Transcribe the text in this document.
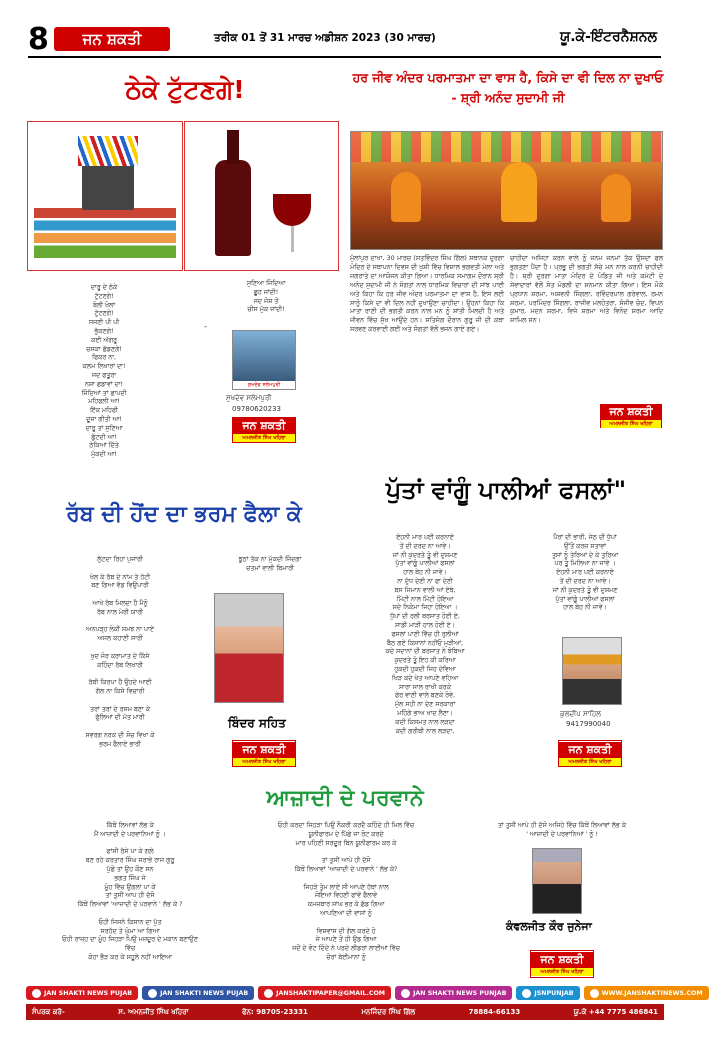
8	ਜਨ ਸ਼ਕਤੀ	ਤਰੀਕ 01 ਤੋਂ 31 ਮਾਰਚ ਅਡੀਸ਼ਨ 2023 (30 ਮਾਰਚ)	ਯੂ.ਕੇ-ਇੰਟਰਨੈਸ਼ਨਲ
ਠੇਕੇ ਟੁੱਟਣਗੇ!
ਦਾਰੂ ਦੇ ਠੇਕੇ
ਟੁੱਟਣਗੇ!
ਬੋਲੀ ਖੋਲਾਂ
ਟੁੱਟਣਗੇ!
ਸਜਣੀ ਪੀ ਪੀ
ਭੁੱਕਣਗੇ!
ਕਈ ਅੱਗਰੂ
ਚਸਕਾ ਛੱਡਣਗੇ!
ਫਿਕਰ ਨਾ,
ਕਲਮ ਲਿਖਾਰਾਂ ਦਾ!
ਜਦ ਫਤੂਰਾ
ਨਸ਼ਾ ਛਡਾਵਾਂ ਦਾ!
ਜਿੰਦਿਆਂ ਤਾਂ ਛਾਪਦੀ
ਮਹਿਫਲੀ ਆ!
ਇੱਕ ਮਹਿਫੀ
ਦੂਜਾ ਗੀਤੀ ਆ!
ਦਾਰੂ ਤਾਂ ਸੁਣਿਆ
ਛੁੱਟਦੀ ਆ!
ਠੇਕਿਆਂ ਦਿੱਤੇ
ਮੁੱਕਦੀ ਆ!
ਸੁਣਿਆ ਜਿੰਦਿਆ
ਛੂਹ ਜਾਂਦੀ!
ਜਦ ਜੋਸ਼ ਤੋਂ
ਚੀਸ ਮੁੱਕ ਜਾਂਦੀ!
-
ਸੁਖਦੇਵ ਸਲੇਮਪੁਰੀ
ਸੁਖਦੇਵ ਸਲੇਮਪੁਰੀ
09780620233
ਜਨ ਸ਼ਕਤੀ
ਅਮਨਜੀਤ ਸਿੰਘ ਖਹਿਰਾ
ਹਰ ਜੀਵ ਅੰਦਰ ਪਰਮਾਤਮਾ ਦਾ ਵਾਸ ਹੈ, ਕਿਸੇ ਦਾ ਵੀ ਦਿਲ ਨਾ ਦੁਖਾਓ - ਸ਼੍ਰੀ ਅਨੰਦ ਸੁਦਾਮੀ ਜੀ
ਮੁੱਲਾਂਪੁਰ ਦਾਖਾ, 30 ਮਾਰਚ (ਸਤਵਿੰਦਰ ਸਿੰਘ ਗਿੱਲ) ਸਥਾਨਕ ਦੁਰਗਾ ਮੰਦਿਰ ਦੇ ਸਥਾਪਨਾ ਦਿਵਸ ਦੀ ਖੁਸ਼ੀ ਵਿੱਚ ਵਿਸ਼ਾਲ ਭਗਵਤੀ ਮੇਲਾ ਅਤੇ ਜਗਰਾਤੇ ਦਾ ਆਯੋਜਨ ਕੀਤਾ ਗਿਆ। ਧਾਰਮਿਕ ਸਮਾਗਮ ਦੌਰਾਨ ਸ਼੍ਰੀ ਅਨੰਦ ਸੁਦਾਮੀ ਜੀ ਨੇ ਸੰਗਤਾਂ ਨਾਲ ਧਾਰਮਿਕ ਵਿਚਾਰਾਂ ਦੀ ਸਾਂਝ ਪਾਈ ਅਤੇ ਕਿਹਾ ਕਿ ਹਰ ਜੀਵ ਅੰਦਰ ਪਰਮਾਤਮਾ ਦਾ ਵਾਸ ਹੈ, ਇਸ ਲਈ ਸਾਨੂੰ ਕਿਸੇ ਦਾ ਵੀ ਦਿਲ ਨਹੀਂ ਦੁਖਾਉਣਾ ਚਾਹੀਦਾ। ਉਹਨਾਂ ਕਿਹਾ ਕਿ ਮਾਤਾ ਰਾਣੀ ਦੀ ਭਗਤੀ ਕਰਨ ਨਾਲ ਮਨ ਨੂੰ ਸ਼ਾਂਤੀ ਮਿਲਦੀ ਹੈ ਅਤੇ ਜੀਵਨ ਵਿੱਚ ਸੁੱਖ ਆਉਂਦੇ ਹਨ। ਸਤਿਸੰਗ ਦੌਰਾਨ ਗੁਰੂ ਜੀ ਦੀ ਕਥਾ ਸਰਵਣ ਕਰਵਾਈ ਗਈ ਅਤੇ ਸੰਗਤਾਂ ਵੱਲੋਂ ਭਜਨ ਗਾਏ ਗਏ।
ਚਾਹੀਦਾ ਅਜਿਹਾ ਕਰਨ ਵਾਲੇ ਨੂੰ ਜਨਮ ਜਨਮਾਂ ਤੱਕ ਉਸਦਾ ਫਲ ਭੁਗਤਣਾ ਪੈਂਦਾ ਹੈ। ਪ੍ਰਭੂ ਦੀ ਭਗਤੀ ਸੱਚੇ ਮਨ ਨਾਲ ਕਰਨੀ ਚਾਹੀਦੀ ਹੈ। ਸ਼੍ਰੀ ਦੁਰਗਾ ਮਾਤਾ ਮੰਦਿਰ ਦੇ ਪੰਡਿਤ ਜੀ ਅਤੇ ਕਮੇਟੀ ਦੇ ਸੇਵਾਦਾਰਾਂ ਵੱਲੋਂ ਸੰਤ ਮੰਡਲੀ ਦਾ ਸਨਮਾਨ ਕੀਤਾ ਗਿਆ। ਇਸ ਮੌਕੇ ਪ੍ਰਧਾਨ ਸ਼ਰਮਾ, ਅਸ਼ਵਨੀ ਸਿੰਗਲਾ, ਰਵਿੰਦਰਪਾਲ ਗਰੇਵਾਲ, ਰਮਨ ਸ਼ਰਮਾ, ਪਰਮਿੰਦਰ ਸਿੰਗਲਾ, ਰਾਜੀਵ ਮਲਹੋਤਰਾ, ਸੰਜੀਵ ਚੰਦ, ਵਿਪਨ ਕੁਮਾਰ, ਮਦਨ ਸ਼ਰਮਾ, ਵਿਜੇ ਸ਼ਰਮਾ ਅਤੇ ਵਿਨੋਦ ਸ਼ਰਮਾ ਆਦਿ ਸ਼ਾਮਿਲ ਸਨ।
ਜਨ ਸ਼ਕਤੀ
ਅਮਨਜੀਤ ਸਿੰਘ ਖਹਿਰਾ
ਪੁੱਤਾਂ ਵਾਂਗੂੰ ਪਾਲੀਆਂ ਫਸਲਾਂ"
ਰੱਬ ਦੀ ਹੋਂਦ ਦਾ ਭਰਮ ਫੈਲਾ ਕੇ
ਲੁੱਟਦਾ ਰਿਹਾ ਪੁਜਾਰੀ

ਖੇਲ ਕੇ ਰੱਬ ਦੇ ਨਾਂਮ ਤੇ ਹੱਟੀ
ਬਣ ਗਿਆ ਵੱਡ ਵਿਉਪਾਰੀ

ਆਖੇ ਰੱਬ ਮਿਲਦਾ ਹੈ ਮੈਨੂੰ
ਰੱਬ ਨਾਲ ਮੇਰੀ ਯਾਰੀ

ਅਨਪੜ੍ਹ ਲੋਕੀਂ ਸਮਝ ਨਾ ਪਾਏ
ਅਸਲ ਕਹਾਣੀ ਸਾਰੀ

ਖੁਦ ਜੋਰ ਕਰਾਮਾਤ ਦੇ ਕਿੱਸੇ
ਕਹਿੰਦਾ ਰੱਬ ਲਿਖਾਰੀ

ਰੱਬੀ ਕਿਰਪਾ ਹੈ ਉਹਦੇ ਆਈ
ਗੱਲ ਨਾ ਕਿਸੇ ਵਿਚਾਰੀ

ਤਰਾਂ ਤਰਾਂ ਦੇ ਰਸਮ ਬਣਾ ਕੇ
ਫੁੱਲਿਆਂ ਦੀ ਮੱਤ ਮਾਰੀ

ਸਵਰਗ ਨਰਕ ਦੀ ਸੋਚ ਵਿਖਾ ਕੇ
ਭਰਮ ਫੈਲਾਏ ਭਾਰੀ
ਝੂਠਾਂ ਤੱਕ ਨਾ ਮੁੱਕਦੀ ਜਿੰਦਗਾ
ਚਤਮਾਂ ਵਾਲੀ ਬਿਮਾਰੀ
ਬਿੰਦਰ ਸਹਿਤ
ਜਨ ਸ਼ਕਤੀ
ਅਮਨਜੀਤ ਸਿੰਘ ਖਹਿਰਾ
ਏਹਨੀ ਮਾਰ ਪਈ ਕਰਨਾਏ
ਤੇਂ ਦੀ ਦਰਦ ਨਾ ਆਵੇ।
ਜਾਂ ਨੀ ਕੁਦਰਤੇ ਤੂੰ ਵੀ ਦੁਸ਼ਮਣ
ਪੁੱਤਾਂ ਵਾਂਗੂੰ ਪਾਲੀਆਂ ਫਸਲਾਂ
ਹਾਲ ਬੇਹ ਨੀ ਜਾਵੇ।
ਨਾ ਦੁੱਧ ਦੇਣੀ ਨਾ ਫਾ ਦੇਣੀ
ਬਸ ਜਿਮਾਨ ਵਾਲੀ ਆਂ ਏਥੇ,
ਮਿੱਟੀ ਨਾਲ ਮਿੱਟੀ ਹੋਇਆ
ਸਦੇ ਨਿਕੰਮਾ ਜਿਹਾ ਹੋਇਆ ।
ਧੁੱਪਾਂ ਦੀ ਰਲੀ ਬਰਸਾਤ ਹੋਈ ਏ,
ਸਾਡੀ ਮਾੜੀ ਹਾਲ ਹੋਈ ਏ।
ਫਸਲਾਂ ਪਾਣੀ ਵਿੱਚ ਹੀ ਰੁਲੀਆਂ
ਬੈਠ ਗਏ ਕਿਸਾਨਾਂ ਨਹੀਂਓ ਮੁੜੀਆਂ,
ਕਦੇ ਸਦਾਨਾਂ ਦੀ ਬਰਸਾਤ ਨੇ ਝੰਬਿਆ
ਕੁਦਰਤੇ ਤੂੰ ਇਹ ਕੀ ਕਰਿਆ
ਹੁਕਦੀ ਹੁਕਦੀ ਜਿਹ ਦੇਵਿਆ
ਖਿੜ ਕਦੇ ਖੇਤ ਆਪਣੇ ਵਹਿਆ
ਸਾਰਾ ਸਾਲ ਰਾਖੀ ਕਰਕੇ
ਫੇਰ ਵਾਣੀ ਵਾਲੇ ਬਣਕੇ ਰੋਵੇ,
ਮੁੱਲ ਸਹੀ ਨਾ ਦੇਣ ਸਰਕਾਰਾਂ
ਮਹਿੰਗੇ ਭਾਅ ਖਾਦ ਲੈਣਾ।
ਕਦੀ ਕਿਸਮਤ ਨਾਲ ਲੜਦਾ
ਕਦੀ ਗਰੀਬੀ ਨਾਲ ਲੜਦਾ,
ਪੈਰਾਂ ਦੀ ਭਾਰੀ, ਜੇਠ ਦੀ ਧੁੱਪਾਂ
ਉੱਤੋਂ ਕਰਜ਼ ਸਤਾਵਾਂ
ਤੁਸਾਂ ਨੂੰ ਤੇਰਿਆਂ ਦੇ ਕੇ ਤੁਰਿਆ
ਪਰ ਤੂੰ ਮਿਲਿਆ ਨਾ ਜਾਵੇ ।
ਏਹਨੀ ਮਾਰ ਪਈ ਕਰਨਾਏ
ਤੇਂ ਦੀ ਦਰਦ ਨਾ ਆਵੇ।
ਜਾਂ ਨੀ ਕੁਦਰਤੇ ਤੂੰ ਵੀ ਦੁਸ਼ਮਣ
ਪੁੱਤਾਂ ਵਾਂਗੂੰ ਪਾਲੀਆਂ ਫਸਲਾਂ
ਹਾਲ ਬੇਹ ਨੀ ਜਾਵੇ।
ਕੁਲਦੀਪ ਸਾਹਿਲ
9417990040
ਜਨ ਸ਼ਕਤੀ
ਅਮਨਜੀਤ ਸਿੰਘ ਖਹਿਰਾ
ਆਜ਼ਾਦੀ ਦੇ ਪਰਵਾਨੇ
ਕਿੱਥੋਂ ਲਿਆਵਾਂ ਲੱਭ ਕੇ
ਮੈਂ ਆਜ਼ਾਦੀ ਦੇ ਪਰਵਾਨਿਆਂ ਨੂੰ ।

ਫਾਂਸੀ ਰੱਸੇ ਪਾ ਕੇ ਗਲ਼ੇ
ਬਣ ਰਹੇ ਕਰਤਾਰ ਸਿੰਘ ਸਰਾਭੇ ਰਾਜ ਗੁਰੂ
ਪੁੱਛੋ ਤਾਂ ਉਹ ਕੌਣ ਸਨ
ਭਗਤ ਸਿੰਘ ਜੇ
ਮੂੰਹ ਵਿੱਚ ਉਂਗਲਾਂ ਪਾ ਕੇ
ਤਾਂ ਤੁਸੀਂ ਆਪ ਹੀ ਦੱਸੋ
ਕਿੱਥੋਂ ਲਿਆਵਾਂ 'ਆਜ਼ਾਦੀ ਦੇ ਪਰਵਾਨੇ ' ਲੱਭ ਕੇ ?

ਓਹੀ ਜਿਸਨੇ ਕਿਸਾਨ ਦਾ ਪੁੱਤ
ਸਰਹੱਦ ਤੇ ਘੁੰਮਾ ਆ ਗਿਆ
ਓਹੀ ਰਾਜ੍ਹ ਦਾ ਮੂੰਹ ਜਿਹੜਾ ਪਿਉ ਮਜ਼ਦੂਰ ਦੇ ਮਕਾਨ ਬਣਾਉਣ
ਵਿੱਚ
ਕੋਹਾ ਭੈੜ ਕਰ ਕੇ ਸਹੂਲੇ ਨਹੀਂ ਆਇਆ
ਓਹੀ ਕਰਦਾ ਜਿਹੜਾ ਪਿਉ ਨੌਕਰੀ ਕਰਦੈ ਕਹਿੰਦੇ ਹੀ ਮਿਲ ਵਿੱਚ
ਯੂਨੀਫਾਰਮ ਦੇ ਪਿੱਛੇ ਜਾ ਰੋਟ ਕਰਦੇ
ਮਾਰ ਪਹਿਣੀ ਸਰਦੂਰ ਬਿਨ ਯੂਨੀਫਾਰਮ ਕਰ ਕੇ

ਤਾਂ ਤੁਸੀਂ ਆਪੇ ਹੀ ਦੱਸੋ
ਕਿੱਥੋਂ ਲਿਆਵਾਂ 'ਆਜ਼ਾਦੀ ਦੇ ਪਰਵਾਨੇ ' ਲੱਭ ਕੇ?

ਜਿਹੜੇ ਤੁੰਮ ਲਾਏ ਸੀ ਆਪਣੇ ਹੱਥਾਂ ਨਾਲ
ਜੋਇਆਂ ਵਿਹਣੀ ਫਾਂਵੇਂ ਫੈਲਾਵੇ
ਕਮਜ਼ਬਾਰ ਸਾਂਘ ਭਰ ਕੇ ਛੱਡ ਗਿਆ
ਆਪਣਿਆਂ ਦੀ ਵਾਸਾਂ ਨੂੰ

ਵਿਸ਼ਵਾਸ ਦੀ ਗੱਲ ਕਰਦੇ ਹੋ
ਜੇ ਆਪਣੇ ਤੋਂ ਹੀ ਉਡ ਗਿਆ
ਜਦੋਂ ਦੇ ਵੋਟ ਦਿੰਦੇ ਨੇ ਪਰਦੇ ਲੀਡਰਾਂ ਲਾਈਆਂ ਵਿੱਚ
ਚੋਰਾਂ ਬੇਈਮਾਨਾਂ ਨੂੰ
ਤਾਂ ਤੁਸੀਂ ਆਪੇ ਹੀ ਦੱਸੋ ਅਜਿਹੇ ਵਿੱਚ ਕਿੱਥੋਂ ਲਿਆਵਾਂ ਲੱਭ ਕੇ
' ਆਜ਼ਾਦੀ ਦੇ ਪਰਵਾਨਿਆਂ ' ਨੂੰ !
ਕੰਵਲਜੀਤ ਕੌਰ ਜੁਨੇਜਾ
ਜਨ ਸ਼ਕਤੀ
ਅਮਨਜੀਤ ਸਿੰਘ ਖਹਿਰਾ
JAN SHAKTI NEWS PUJAB	JAN SHAKTI NEWS PUJAB	JANSHAKTIPAPER@GMAIL.COM	JAN SHAKTI NEWS PUNJAB	JSNPUNJAB	WWW.JANSHAKTINEWS.COM
ਸੰਪਰਕ ਕਰੋ-	ਸ. ਅਮਨਜੀਤ ਸਿੰਘ ਖਹਿਰਾ	ਫੋਨ: 98705-23331	ਮਨਜਿੰਦਰ ਸਿੰਘ ਗਿੱਲ	78884-66133	ਯੂ.ਕੇ +44 7775 486841
